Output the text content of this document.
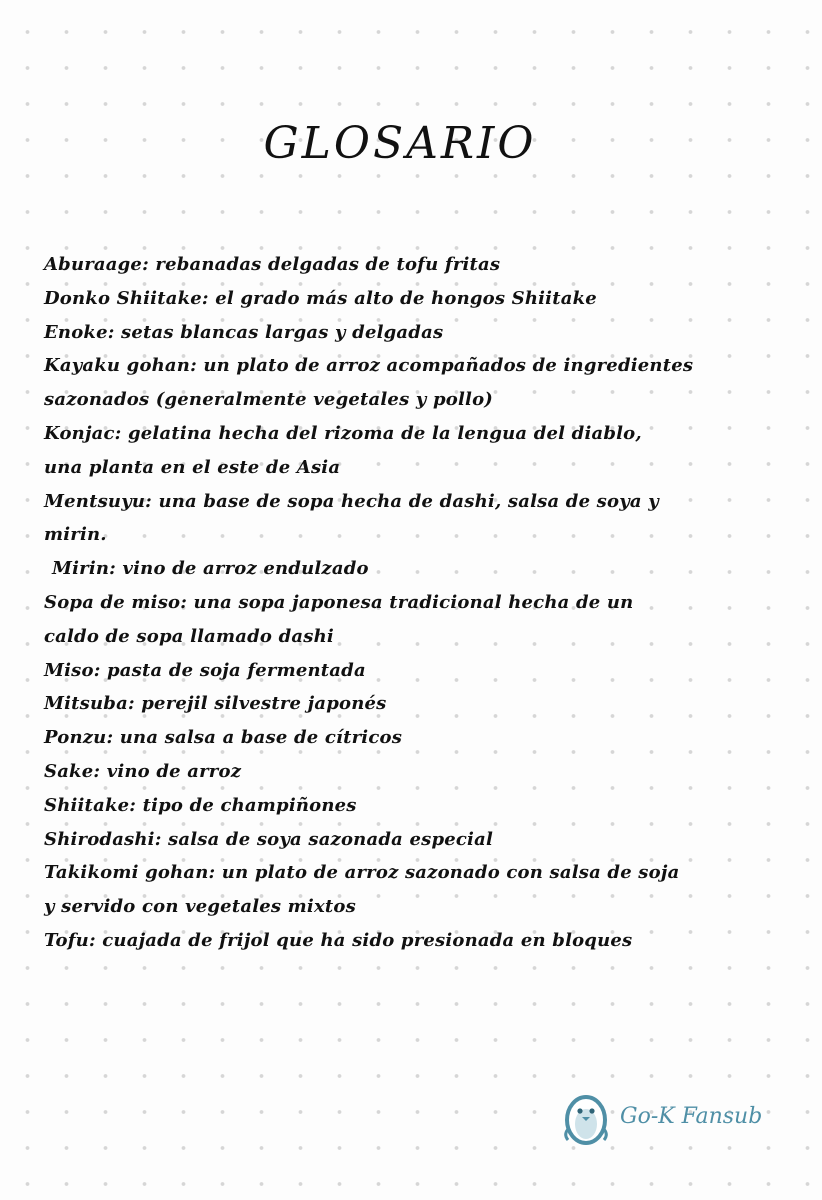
GLOSARIO
Aburaage: rebanadas delgadas de tofu fritas
Donko Shiitake: el grado más alto de hongos Shiitake
Enoke: setas blancas largas y delgadas
Kayaku gohan: un plato de arroz acompañados de ingredientes
sazonados (generalmente vegetales y pollo)
Konjac: gelatina hecha del rizoma de la lengua del diablo,
una planta en el este de Asia
Mentsuyu: una base de sopa hecha de dashi, salsa de soya y
mirin.
Mirin: vino de arroz endulzado
Sopa de miso: una sopa japonesa tradicional hecha de un
caldo de sopa llamado dashi
Miso: pasta de soja fermentada
Mitsuba: perejil silvestre japonés
Ponzu: una salsa a base de cítricos
Sake: vino de arroz
Shiitake: tipo de champiñones
Shirodashi: salsa de soya sazonada especial
Takikomi gohan: un plato de arroz sazonado con salsa de soja
y servido con vegetales mixtos
Tofu: cuajada de frijol que ha sido presionada en bloques
Go-K Fansub
